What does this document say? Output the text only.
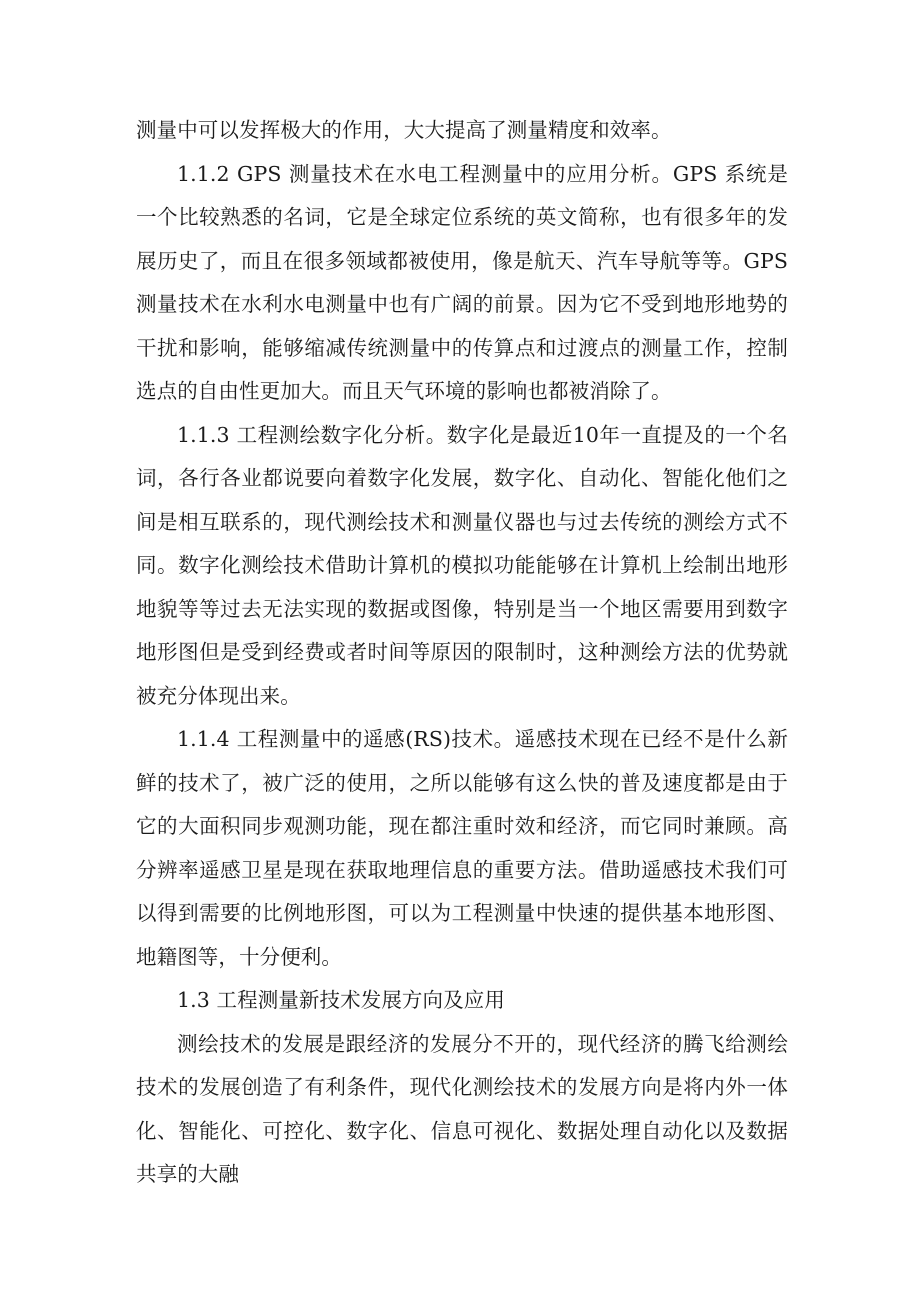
测量中可以发挥极大的作用，大大提高了测量精度和效率。

1.1.2 GPS 测量技术在水电工程测量中的应用分析。GPS 系统是一个比较熟悉的名词，它是全球定位系统的英文简称，也有很多年的发展历史了，而且在很多领域都被使用，像是航天、汽车导航等等。GPS 测量技术在水利水电测量中也有广阔的前景。因为它不受到地形地势的干扰和影响，能够缩减传统测量中的传算点和过渡点的测量工作，控制选点的自由性更加大。而且天气环境的影响也都被消除了。

1.1.3 工程测绘数字化分析。数字化是最近10年一直提及的一个名词，各行各业都说要向着数字化发展，数字化、自动化、智能化他们之间是相互联系的，现代测绘技术和测量仪器也与过去传统的测绘方式不同。数字化测绘技术借助计算机的模拟功能能够在计算机上绘制出地形地貌等等过去无法实现的数据或图像，特别是当一个地区需要用到数字地形图但是受到经费或者时间等原因的限制时，这种测绘方法的优势就被充分体现出来。

1.1.4 工程测量中的遥感(RS)技术。遥感技术现在已经不是什么新鲜的技术了，被广泛的使用，之所以能够有这么快的普及速度都是由于它的大面积同步观测功能，现在都注重时效和经济，而它同时兼顾。高分辨率遥感卫星是现在获取地理信息的重要方法。借助遥感技术我们可以得到需要的比例地形图，可以为工程测量中快速的提供基本地形图、地籍图等，十分便利。

1.3 工程测量新技术发展方向及应用

测绘技术的发展是跟经济的发展分不开的，现代经济的腾飞给测绘技术的发展创造了有利条件，现代化测绘技术的发展方向是将内外一体化、智能化、可控化、数字化、信息可视化、数据处理自动化以及数据共享的大融
